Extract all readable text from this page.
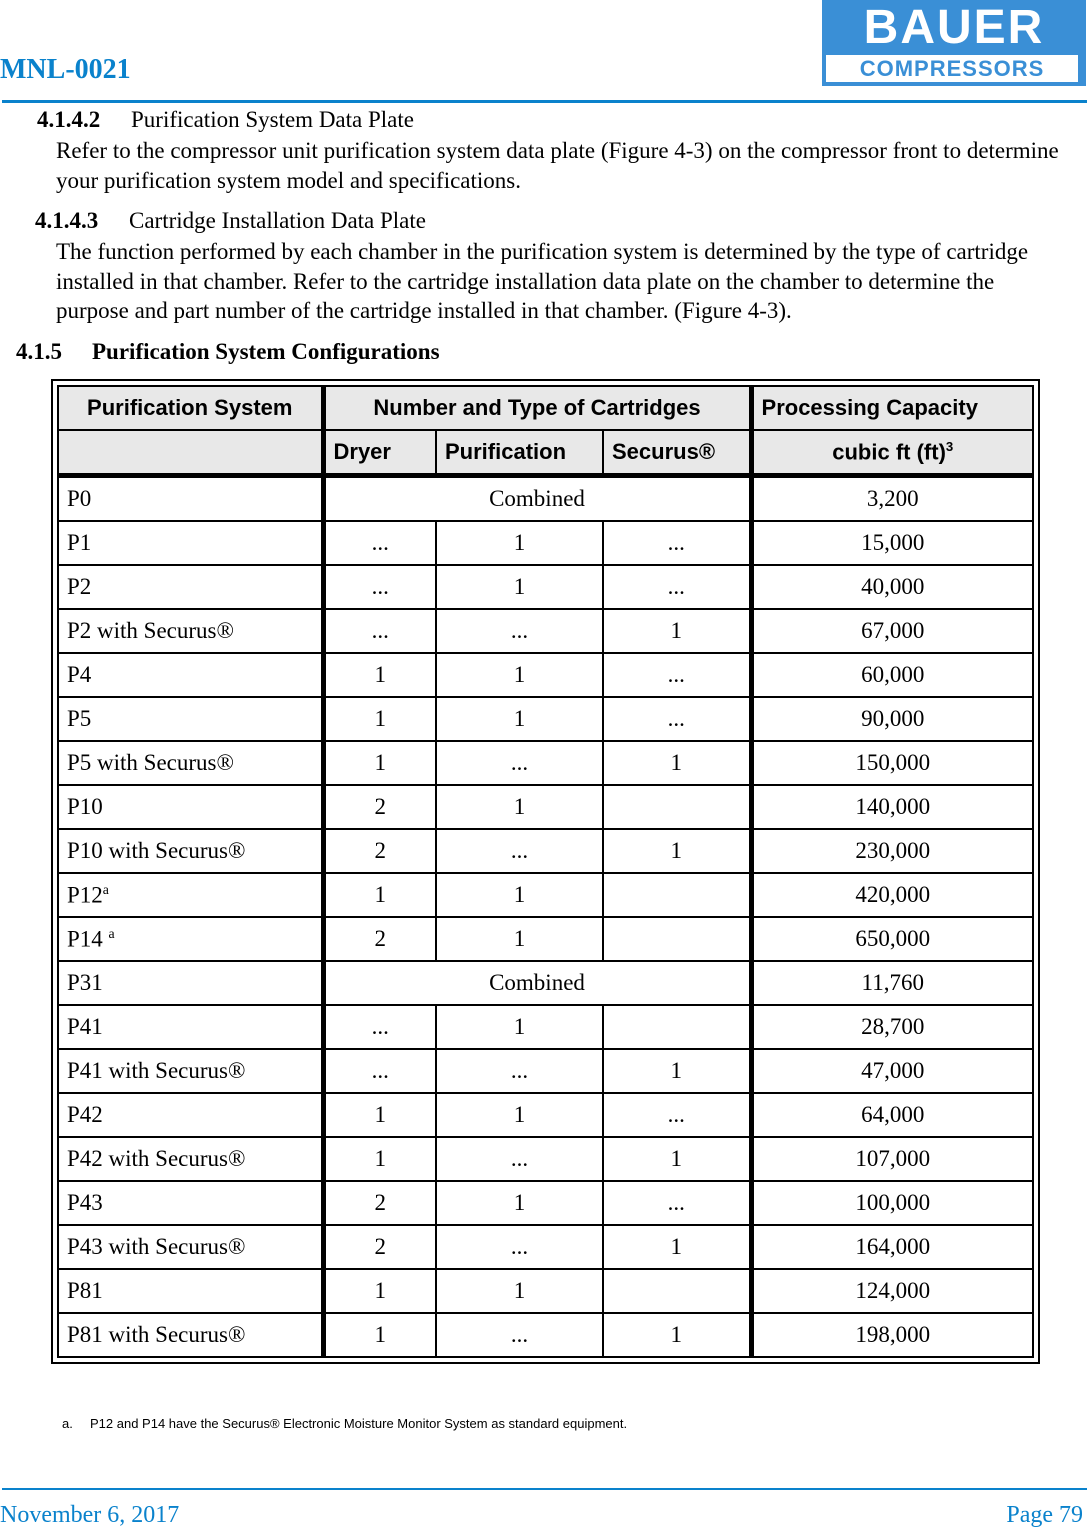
MNL-0021
BAUER
COMPRESSORS
4.1.4.2 Purification System Data Plate
Refer to the compressor unit purification system data plate (Figure 4-3) on the compressor front to determine your purification system model and specifications.
4.1.4.3 Cartridge Installation Data Plate
The function performed by each chamber in the purification system is determined by the type of cartridge installed in that chamber. Refer to the cartridge installation data plate on the chamber to determine the purpose and part number of the cartridge installed in that chamber. (Figure 4-3).
4.1.5 Purification System Configurations
Purification System	Number and Type of Cartridges			Processing Capacity
	Dryer	Purification	Securus®	cubic ft (ft)$^3$
P0	Combined			3,200
P1	...	1	...	15,000
P2	...	1	...	40,000
P2 with Securus®	...	...	1	67,000
P4	1	1	...	60,000
P5	1	1	...	90,000
P5 with Securus®	1	...	1	150,000
P10	2	1		140,000
P10 with Securus®	2	...	1	230,000
P12$^a$	1	1		420,000
P14 $^a$	2	1		650,000
P31	Combined			11,760
P41	...	1		28,700
P41 with Securus®	...	...	1	47,000
P42	1	1	...	64,000
P42 with Securus®	1	...	1	107,000
P43	2	1	...	100,000
P43 with Securus®	2	...	1	164,000
P81	1	1		124,000
P81 with Securus®	1	...	1	198,000
a. P12 and P14 have the Securus® Electronic Moisture Monitor System as standard equipment.
November 6, 2017	Page 79
